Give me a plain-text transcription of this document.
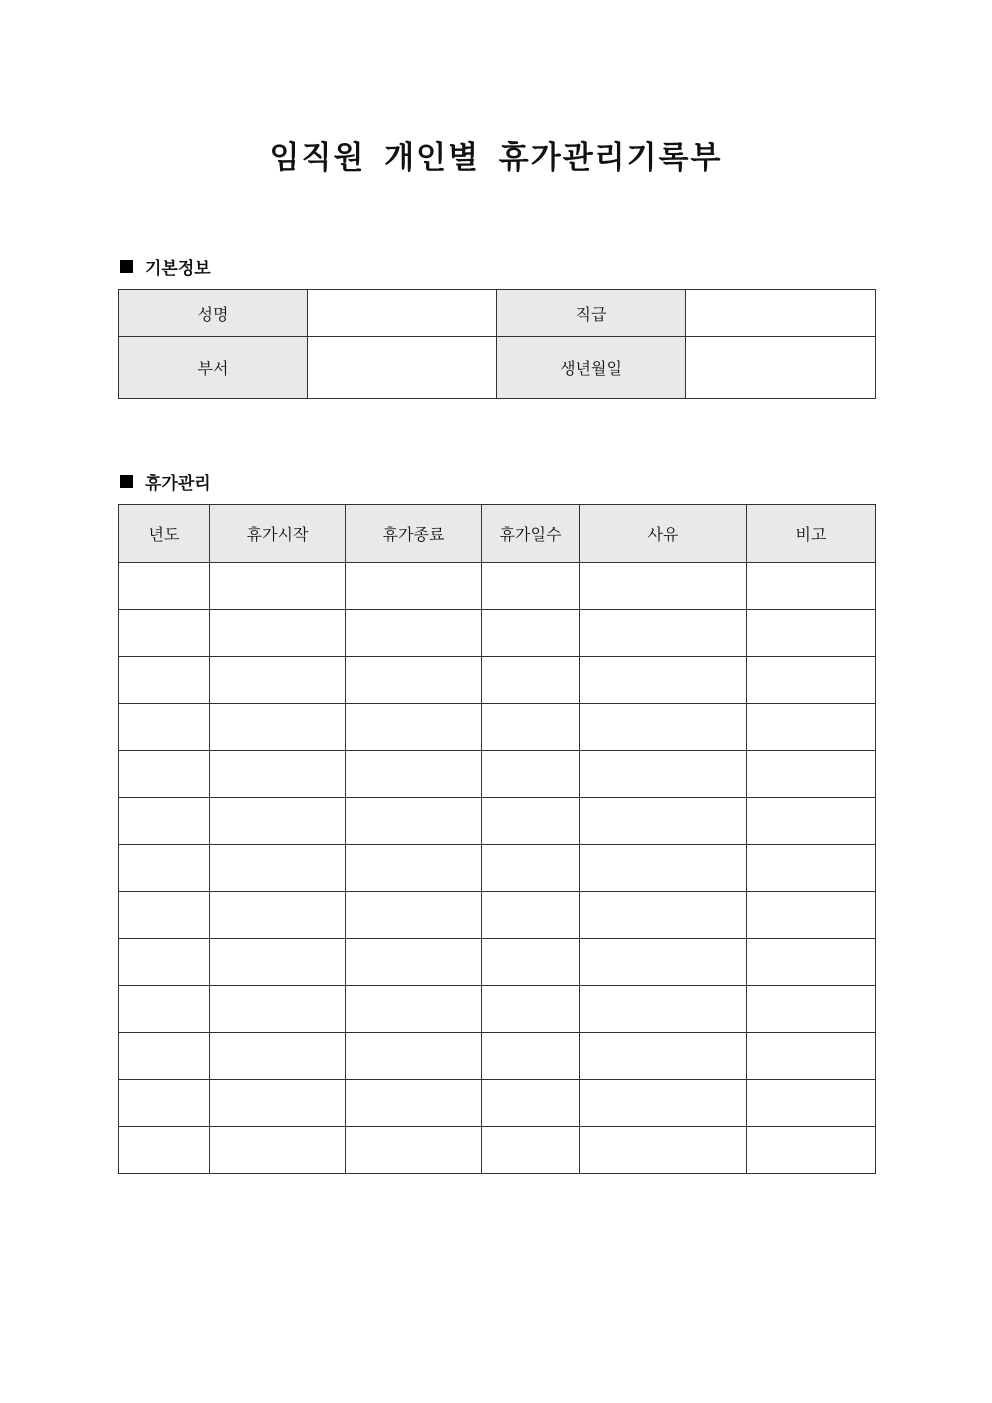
임직원 개인별 휴가관리기록부
기본정보
성명		직급	
부서		생년월일	
휴가관리
년도	휴가시작	휴가종료	휴가일수	사유	비고
